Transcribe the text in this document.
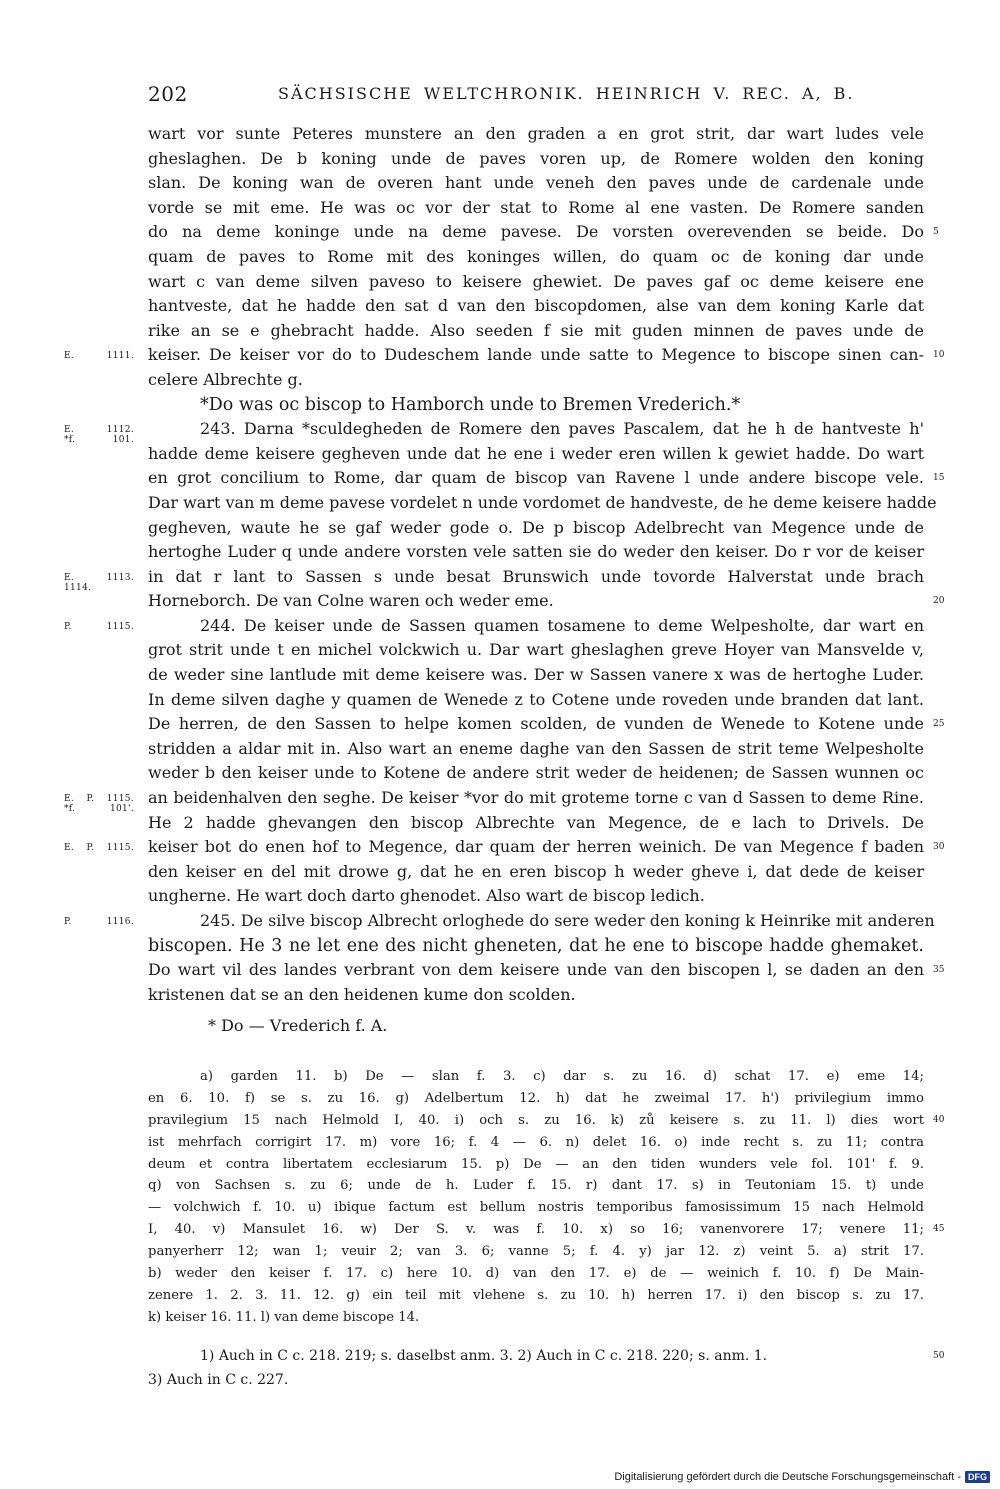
202	SÄCHSISCHE WELTCHRONIK. HEINRICH V. REC. A, B.
wart vor sunte Peteres munstere an den graden a en grot strit, dar wart ludes vele
gheslaghen. De b koning unde de paves voren up, de Romere wolden den koning
slan. De koning wan de overen hant unde veneh den paves unde de cardenale unde
vorde se mit eme. He was oc vor der stat to Rome al ene vasten. De Romere sanden
do na deme koninge unde na deme pavese. De vorsten overevenden se beide. Do 5
quam de paves to Rome mit des koninges willen, do quam oc de koning dar unde
wart c van deme silven paveso to keisere ghewiet. De paves gaf oc deme keisere ene
hantveste, dat he hadde den sat d van den biscopdomen, alse van dem koning Karle dat
rike an se e ghebracht hadde. Also seeden f sie mit guden minnen de paves unde de
keiser. De keiser vor do to Dudeschem lande unde satte to Megence to biscope sinen can-
E. 1111.	10
celere Albrechte g.
*Do was oc biscop to Hamborch unde to Bremen Vrederich.*
243. Darna *sculdegheden de Romere den paves Pascalem, dat he h de hantveste h'
E. 1112.
*f. 101.
hadde deme keisere gegheven unde dat he ene i weder eren willen k gewiet hadde. Do wart
en grot concilium to Rome, dar quam de biscop van Ravene l unde andere biscope vele. 15
Dar wart van m deme pavese vordelet n unde vordomet de handveste, de he deme keisere hadde
gegheven, waute he se gaf weder gode o. De p biscop Adelbrecht van Megence unde de
hertoghe Luder q unde andere vorsten vele satten sie do weder den keiser. Do r vor de keiser
in dat r lant to Sassen s unde besat Brunswich unde tovorde Halverstat unde brach
E. 1113.
1114.
Horneborch. De van Colne waren och weder eme.	20
244. De keiser unde de Sassen quamen tosamene to deme Welpesholte, dar wart en
P. 1115.
grot strit unde t en michel volckwich u. Dar wart gheslaghen greve Hoyer van Mansvelde v,
de weder sine lantlude mit deme keisere was. Der w Sassen vanere x was de hertoghe Luder.
In deme silven daghe y quamen de Wenede z to Cotene unde roveden unde branden dat lant.
De herren, de den Sassen to helpe komen scolden, de vunden de Wenede to Kotene unde 25
stridden a aldar mit in. Also wart an eneme daghe van den Sassen de strit teme Welpesholte
weder b den keiser unde to Kotene de andere strit weder de heidenen; de Sassen wunnen oc
an beidenhalven den seghe. De keiser *vor do mit groteme torne c van d Sassen to deme Rine.
E. P. 1115.
*f. 101'.
He 2 hadde ghevangen den biscop Albrechte van Megence, de e lach to Drivels. De
keiser bot do enen hof to Megence, dar quam der herren weinich. De van Megence f baden
E. P. 1115.	30
den keiser en del mit drowe g, dat he en eren biscop h weder gheve i, dat dede de keiser
ungherne. He wart doch darto ghenodet. Also wart de biscop ledich.
245. De silve biscop Albrecht orloghede do sere weder den koning k Heinrike mit anderen
P. 1116.
biscopen. He 3 ne let ene des nicht gheneten, dat he ene to biscope hadde ghemaket.
Do wart vil des landes verbrant von dem keisere unde van den biscopen l, se daden an den 35
kristenen dat se an den heidenen kume don scolden.
* Do — Vrederich f. A.
a) garden 11. b) De — slan f. 3. c) dar s. zu 16. d) schat 17. e) eme 14;
en 6. 10. f) se s. zu 16. g) Adelbertum 12. h) dat he zweimal 17. h') privilegium immo
pravilegium 15 nach Helmold I, 40. i) och s. zu 16. k) zů keisere s. zu 11. l) dies wort 40
ist mehrfach corrigirt 17. m) vore 16; f. 4 — 6. n) delet 16. o) inde recht s. zu 11; contra
deum et contra libertatem ecclesiarum 15. p) De — an den tiden wunders vele fol. 101' f. 9.
q) von Sachsen s. zu 6; unde de h. Luder f. 15. r) dant 17. s) in Teutoniam 15. t) unde
— volchwich f. 10. u) ibique factum est bellum nostris temporibus famosissimum 15 nach Helmold
I, 40. v) Mansulet 16. w) Der S. v. was f. 10. x) so 16; vanenvorere 17; venere 11; 45
panyerherr 12; wan 1; veuir 2; van 3. 6; vanne 5; f. 4. y) jar 12. z) veint 5. a) strit 17.
b) weder den keiser f. 17. c) here 10. d) van den 17. e) de — weinich f. 10. f) De Main-
zenere 1. 2. 3. 11. 12. g) ein teil mit vlehene s. zu 10. h) herren 17. i) den biscop s. zu 17.
k) keiser 16. 11. l) van deme biscope 14.
1) Auch in C c. 218. 219; s. daselbst anm. 3. 2) Auch in C c. 218. 220; s. anm. 1.	50
3) Auch in C c. 227.
Digitalisierung gefördert durch die Deutsche Forschungsgemeinschaft - DFG
